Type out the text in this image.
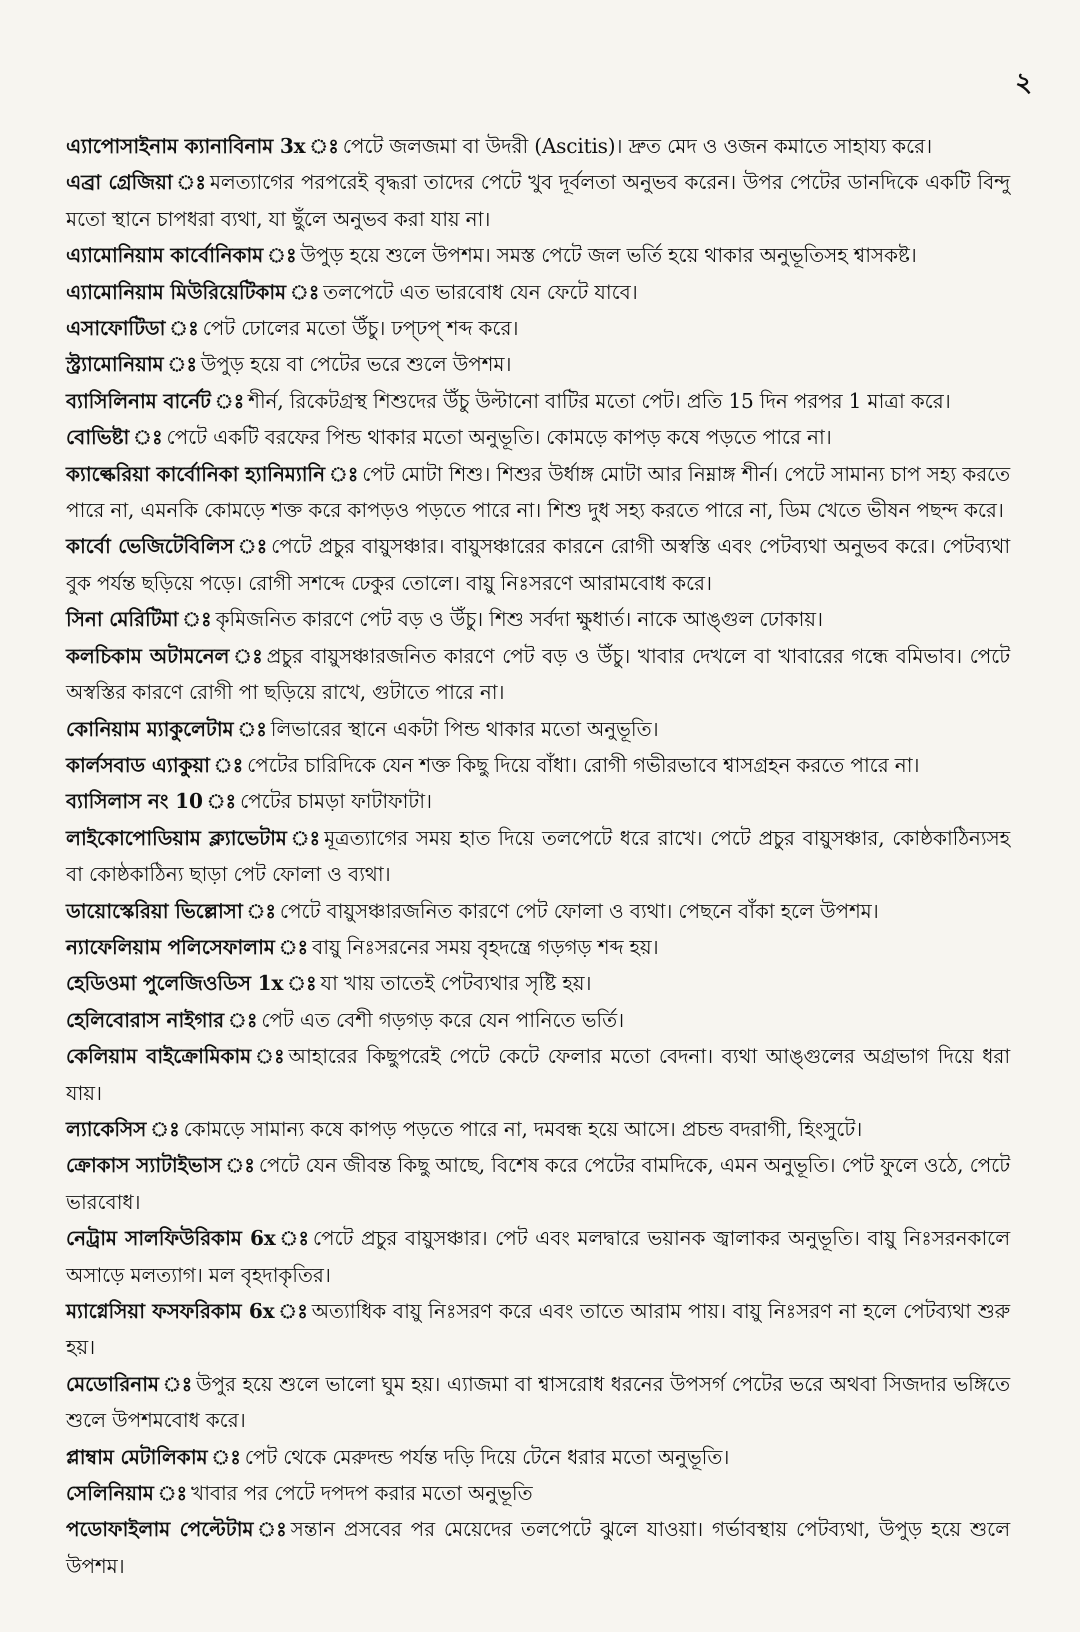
২

এ্যাপোসাইনাম ক্যানাবিনাম 3x ঃ পেটে জলজমা বা উদরী (Ascitis)। দ্রুত মেদ ও ওজন কমাতে সাহায্য করে।

এব্রা গ্রেজিয়া ঃ মলত্যাগের পরপরেই বৃদ্ধরা তাদের পেটে খুব দূর্বলতা অনুভব করেন। উপর পেটের ডানদিকে একটি বিন্দু মতো স্থানে চাপধরা ব্যথা, যা ছুঁলে অনুভব করা যায় না।

এ্যামোনিয়াম কার্বোনিকাম ঃ উপুড় হয়ে শুলে উপশম। সমস্ত পেটে জল ভর্তি হয়ে থাকার অনুভূতিসহ শ্বাসকষ্ট।

এ্যামোনিয়াম মিউরিয়েটিকাম ঃ তলপেটে এত ভারবোধ যেন ফেটে যাবে।

এসাফোটিডা ঃ পেট ঢোলের মতো উঁচু। ঢপ্‌ঢপ্‌ শব্দ করে।

স্ট্র্যামোনিয়াম ঃ উপুড় হয়ে বা পেটের ভরে শুলে উপশম।

ব্যাসিলিনাম বার্নেট ঃ শীর্ন, রিকেটগ্রস্থ শিশুদের উঁচু উল্টানো বাটির মতো পেট। প্রতি 15 দিন পরপর 1 মাত্রা করে।

বোভিষ্টা ঃ পেটে একটি বরফের পিন্ড থাকার মতো অনুভূতি। কোমড়ে কাপড় কষে পড়তে পারে না।

ক্যাল্কেরিয়া কার্বোনিকা হ্যানিম্যানি ঃ পেট মোটা শিশু। শিশুর উর্ধাঙ্গ মোটা আর নিম্নাঙ্গ শীর্ন। পেটে সামান্য চাপ সহ্য করতে পারে না, এমনকি কোমড়ে শক্ত করে কাপড়ও পড়তে পারে না। শিশু দুধ সহ্য করতে পারে না, ডিম খেতে ভীষন পছন্দ করে।

কার্বো ভেজিটেবিলিস ঃ পেটে প্রচুর বায়ুসঞ্চার। বায়ুসঞ্চারের কারনে রোগী অস্বস্তি এবং পেটব্যথা অনুভব করে। পেটব্যথা বুক পর্যন্ত ছড়িয়ে পড়ে। রোগী সশব্দে ঢেকুর তোলে। বায়ু নিঃসরণে আরামবোধ করে।

সিনা মেরিটিমা ঃ কৃমিজনিত কারণে পেট বড় ও উঁচু। শিশু সর্বদা ক্ষুধার্ত। নাকে আঙ্গুল ঢোকায়।

কলচিকাম অটামনেল ঃ প্রচুর বায়ুসঞ্চারজনিত কারণে পেট বড় ও উঁচু। খাবার দেখলে বা খাবারের গন্ধে বমিভাব। পেটে অস্বস্তির কারণে রোগী পা ছড়িয়ে রাখে, গুটাতে পারে না।

কোনিয়াম ম্যাকুলেটাম ঃ লিভারের স্থানে একটা পিন্ড থাকার মতো অনুভূতি।

কার্লসবাড এ্যাকুয়া ঃ পেটের চারিদিকে যেন শক্ত কিছু দিয়ে বাঁধা। রোগী গভীরভাবে শ্বাসগ্রহন করতে পারে না।

ব্যাসিলাস নং 10 ঃ পেটের চামড়া ফাটাফাটা।

লাইকোপোডিয়াম ক্ল্যাভেটাম ঃ মূত্রত্যাগের সময় হাত দিয়ে তলপেটে ধরে রাখে। পেটে প্রচুর বায়ুসঞ্চার, কোষ্ঠকাঠিন্যসহ বা কোষ্ঠকাঠিন্য ছাড়া পেট ফোলা ও ব্যথা।

ডায়োস্কেরিয়া ভিল্লোসা ঃ পেটে বায়ুসঞ্চারজনিত কারণে পেট ফোলা ও ব্যথা। পেছনে বাঁকা হলে উপশম।

ন্যাফেলিয়াম পলিসেফালাম ঃ বায়ু নিঃসরনের সময় বৃহদন্ত্রে গড়গড় শব্দ হয়।

হেডিওমা পুলেজিওডিস 1x ঃ যা খায় তাতেই পেটব্যথার সৃষ্টি হয়।

হেলিবোরাস নাইগার ঃ পেট এত বেশী গড়গড় করে যেন পানিতে ভর্তি।

কেলিয়াম বাইক্রোমিকাম ঃ আহারের কিছুপরেই পেটে কেটে ফেলার মতো বেদনা। ব্যথা আঙ্গুলের অগ্রভাগ দিয়ে ধরা যায়।

ল্যাকেসিস ঃ কোমড়ে সামান্য কষে কাপড় পড়তে পারে না, দমবন্ধ হয়ে আসে। প্রচন্ড বদরাগী, হিংসুটে।

ক্রোকাস স্যাটাইভাস ঃ পেটে যেন জীবন্ত কিছু আছে, বিশেষ করে পেটের বামদিকে, এমন অনুভূতি। পেট ফুলে ওঠে, পেটে ভারবোধ।

নেট্রাম সালফিউরিকাম 6x ঃ পেটে প্রচুর বায়ুসঞ্চার। পেট এবং মলদ্বারে ভয়ানক জ্বালাকর অনুভূতি। বায়ু নিঃসরনকালে অসাড়ে মলত্যাগ। মল বৃহদাকৃতির।

ম্যাগ্নেসিয়া ফসফরিকাম 6x ঃ অত্যাধিক বায়ু নিঃসরণ করে এবং তাতে আরাম পায়। বায়ু নিঃসরণ না হলে পেটব্যথা শুরু হয়।

মেডোরিনাম ঃ উপুর হয়ে শুলে ভালো ঘুম হয়। এ্যাজমা বা শ্বাসরোধ ধরনের উপসর্গ পেটের ভরে অথবা সিজদার ভঙ্গিতে শুলে উপশমবোধ করে।

প্লাম্বাম মেটালিকাম ঃ পেট থেকে মেরুদন্ড পর্যন্ত দড়ি দিয়ে টেনে ধরার মতো অনুভূতি।

সেলিনিয়াম ঃ খাবার পর পেটে দপদপ করার মতো অনুভূতি

পডোফাইলাম পেল্টেটাম ঃ সন্তান প্রসবের পর মেয়েদের তলপেটে ঝুলে যাওয়া। গর্ভাবস্থায় পেটব্যথা, উপুড় হয়ে শুলে উপশম।
